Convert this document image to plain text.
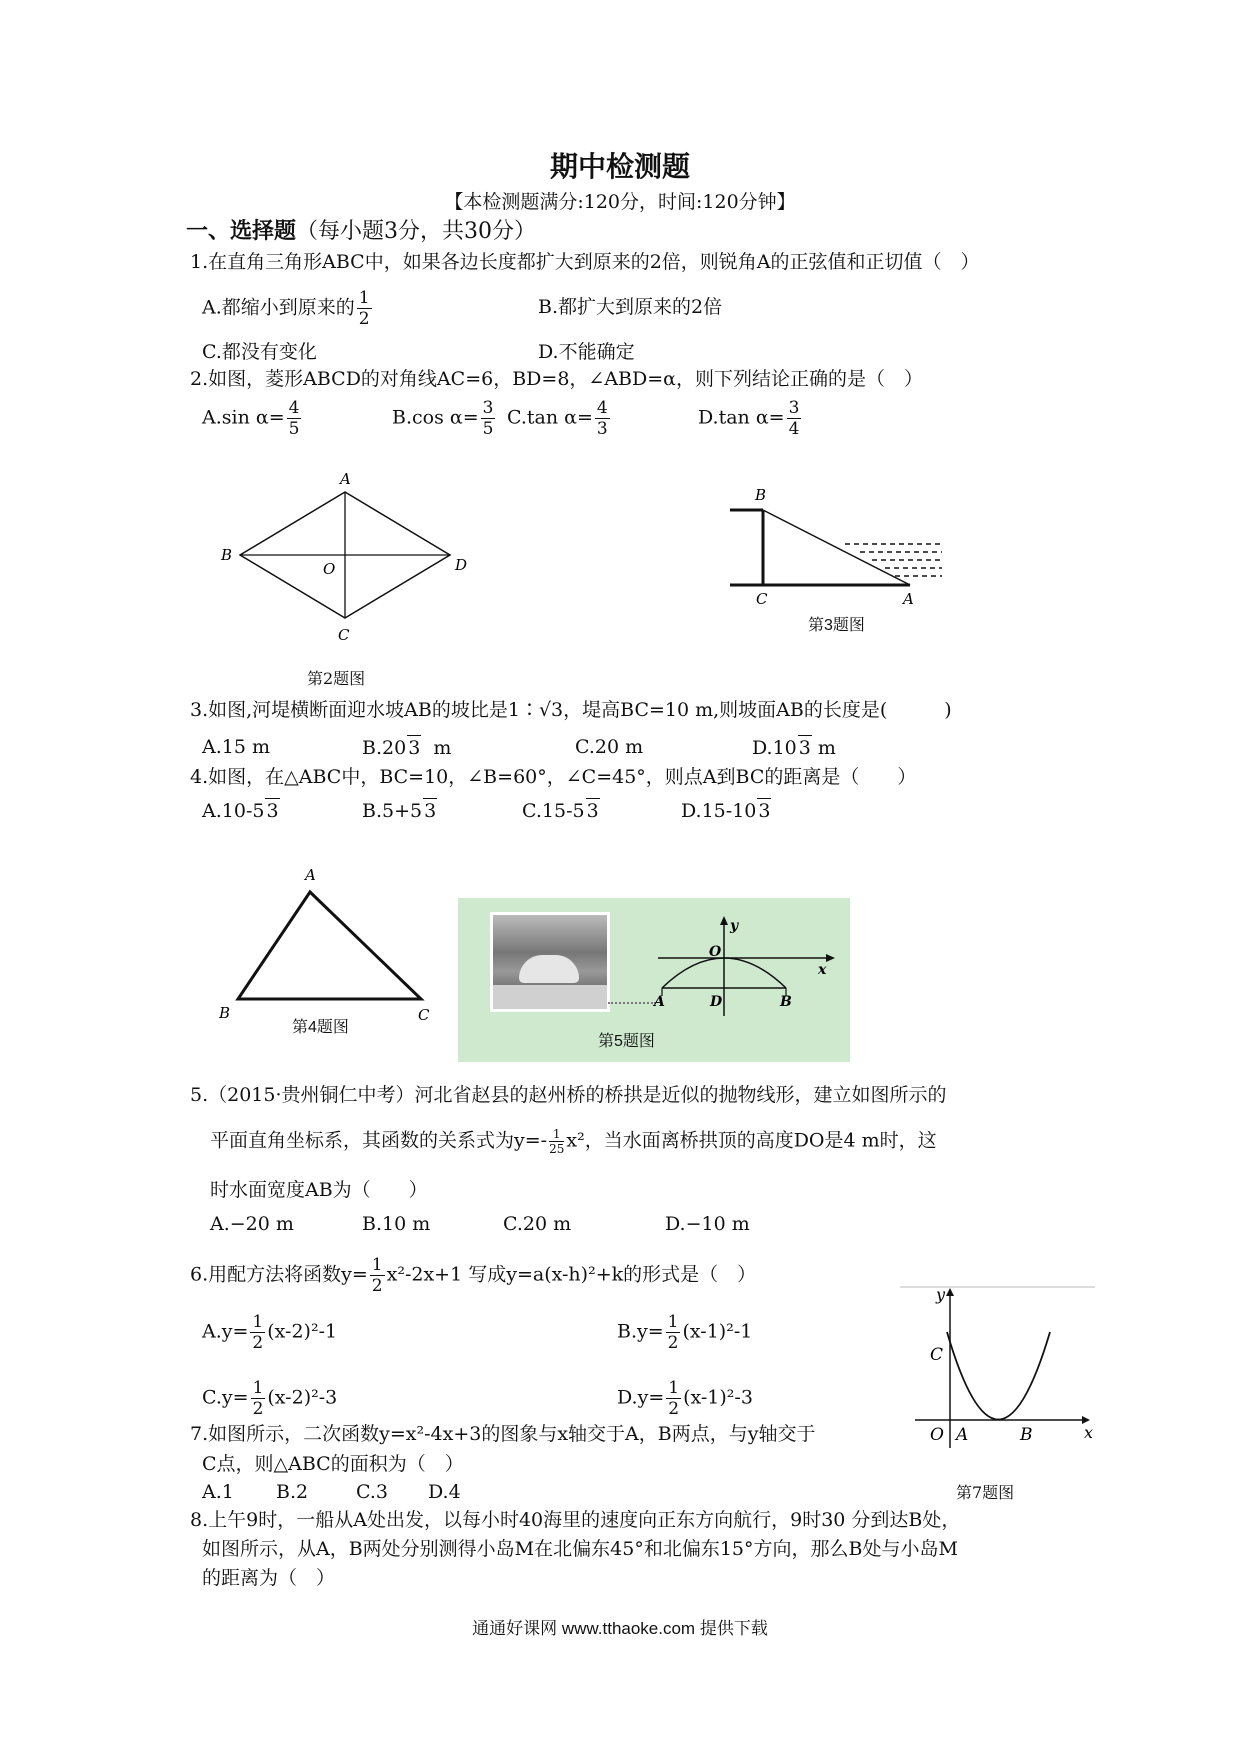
期中检测题
【本检测题满分:120分，时间:120分钟】
一、选择题（每小题3分，共30分）
1.在直角三角形ABC中，如果各边长度都扩大到原来的2倍，则锐角A的正弦值和正切值（　）
A.都缩小到原来的 $\frac{1}{2}$	B.都扩大到原来的2倍
C.都没有变化	D.不能确定
2.如图，菱形ABCD的对角线AC=6，BD=8，∠ABD=α，则下列结论正确的是（　）
A.sin $\alpha= \frac{4}{5}$	B.cos $\alpha= \frac{3}{5} C.\tan$ $\alpha= \frac{4}{3}$	D.tan $\alpha= \frac{3}{4}$
A
B
O	D
C
第2题图
B
C	A
第3题图
3.如图,河堤横断面迎水坡AB的坡比是1∶√3，堤高BC=10 m,则坡面AB的长度是(　　　)
A.15 m	B.20 3 m	C.20 m	D.10 3 m
4.如图，在△ABC中，BC=10，∠B=60°，∠C=45°，则点A到BC的距离是（　　）
A.10-5 3	B.5+5 3	C.15-5 3	D.15-10 3
A
B	C
第4题图
y
x
O
A	D	B
第5题图
5.（2015·贵州铜仁中考）河北省赵县的赵州桥的桥拱是近似的抛物线形，建立如图所示的
平面直角坐标系，其函数的关系式为$y=- \frac{1}{25} x^2$，当水面离桥拱顶的高度DO是4 m时，这
时水面宽度AB为（　　）
A.−20 m	B.10 m	C.20 m	D.−10 m
6.用配方法将函数$y= \frac{1}{2} x^2-2x+1$ 写成y=a(x-h)²+k的形式是（　）
$A.y= \frac{1}{2} (x-2)^2-1$	$B.y= \frac{1}{2} (x-1)^2-1$
$C.y= \frac{1}{2} (x-2)^2-3$	$D.y= \frac{1}{2} (x-1)^2-3$
y
C
O A	B	x
第7题图
7.如图所示，二次函数y=x²-4x+3的图象与x轴交于A，B两点，与y轴交于
C点，则△ABC的面积为（　）
A.1 B.2	C.3 D.4
8.上午9时，一船从A处出发，以每小时40海里的速度向正东方向航行，9时30 分到达B处，
如图所示，从A，B两处分别测得小岛M在北偏东45°和北偏东15°方向，那么B处与小岛M
的距离为（　）
通通好课网 www.tthaoke.com 提供下载
